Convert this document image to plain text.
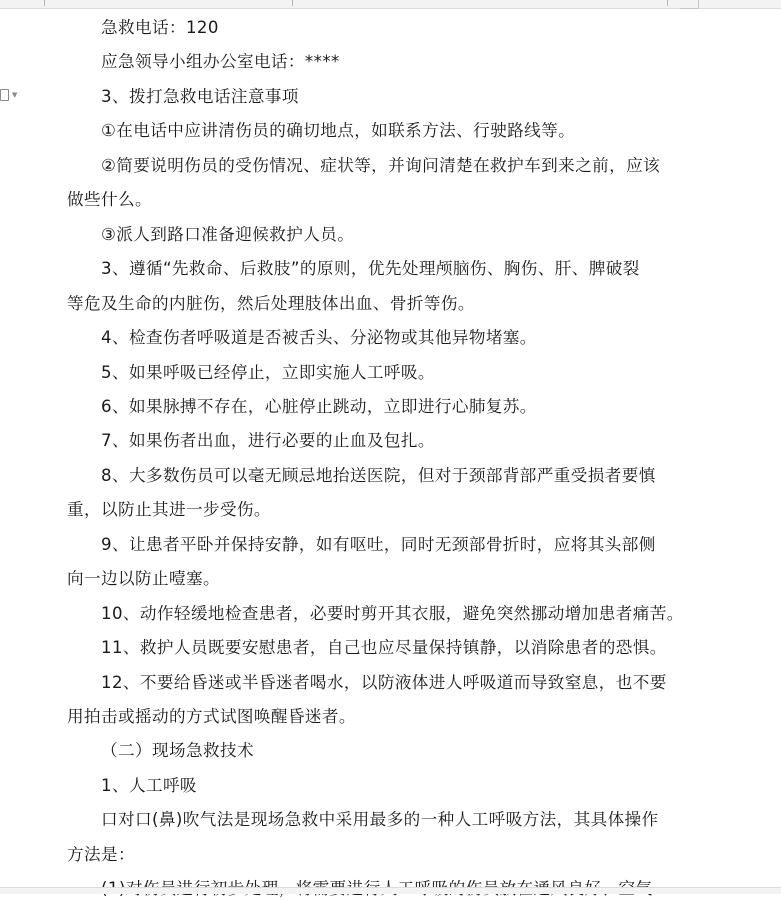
▼
急救电话：120
应急领导小组办公室电话：****
3、拨打急救电话注意事项
①在电话中应讲清伤员的确切地点，如联系方法、行驶路线等。
②简要说明伤员的受伤情况、症状等，并询问清楚在救护车到来之前，应该
做些什么。
③派人到路口准备迎候救护人员。
3、遵循“先救命、后救肢”的原则，优先处理颅脑伤、胸伤、肝、脾破裂
等危及生命的内脏伤，然后处理肢体出血、骨折等伤。
4、检查伤者呼吸道是否被舌头、分泌物或其他异物堵塞。
5、如果呼吸已经停止，立即实施人工呼吸。
6、如果脉搏不存在，心脏停止跳动，立即进行心肺复苏。
7、如果伤者出血，进行必要的止血及包扎。
8、大多数伤员可以毫无顾忌地抬送医院，但对于颈部背部严重受损者要慎
重，以防止其进一步受伤。
9、让患者平卧并保持安静，如有呕吐，同时无颈部骨折时，应将其头部侧
向一边以防止噎塞。
10、动作轻缓地检查患者，必要时剪开其衣服，避免突然挪动增加患者痛苦。
11、救护人员既要安慰患者，自己也应尽量保持镇静，以消除患者的恐惧。
12、不要给昏迷或半昏迷者喝水，以防液体进人呼吸道而导致窒息，也不要
用拍击或摇动的方式试图唤醒昏迷者。
（二）现场急救技术
1、人工呼吸
口对口(鼻)吹气法是现场急救中采用最多的一种人工呼吸方法，其具体操作
方法是：
